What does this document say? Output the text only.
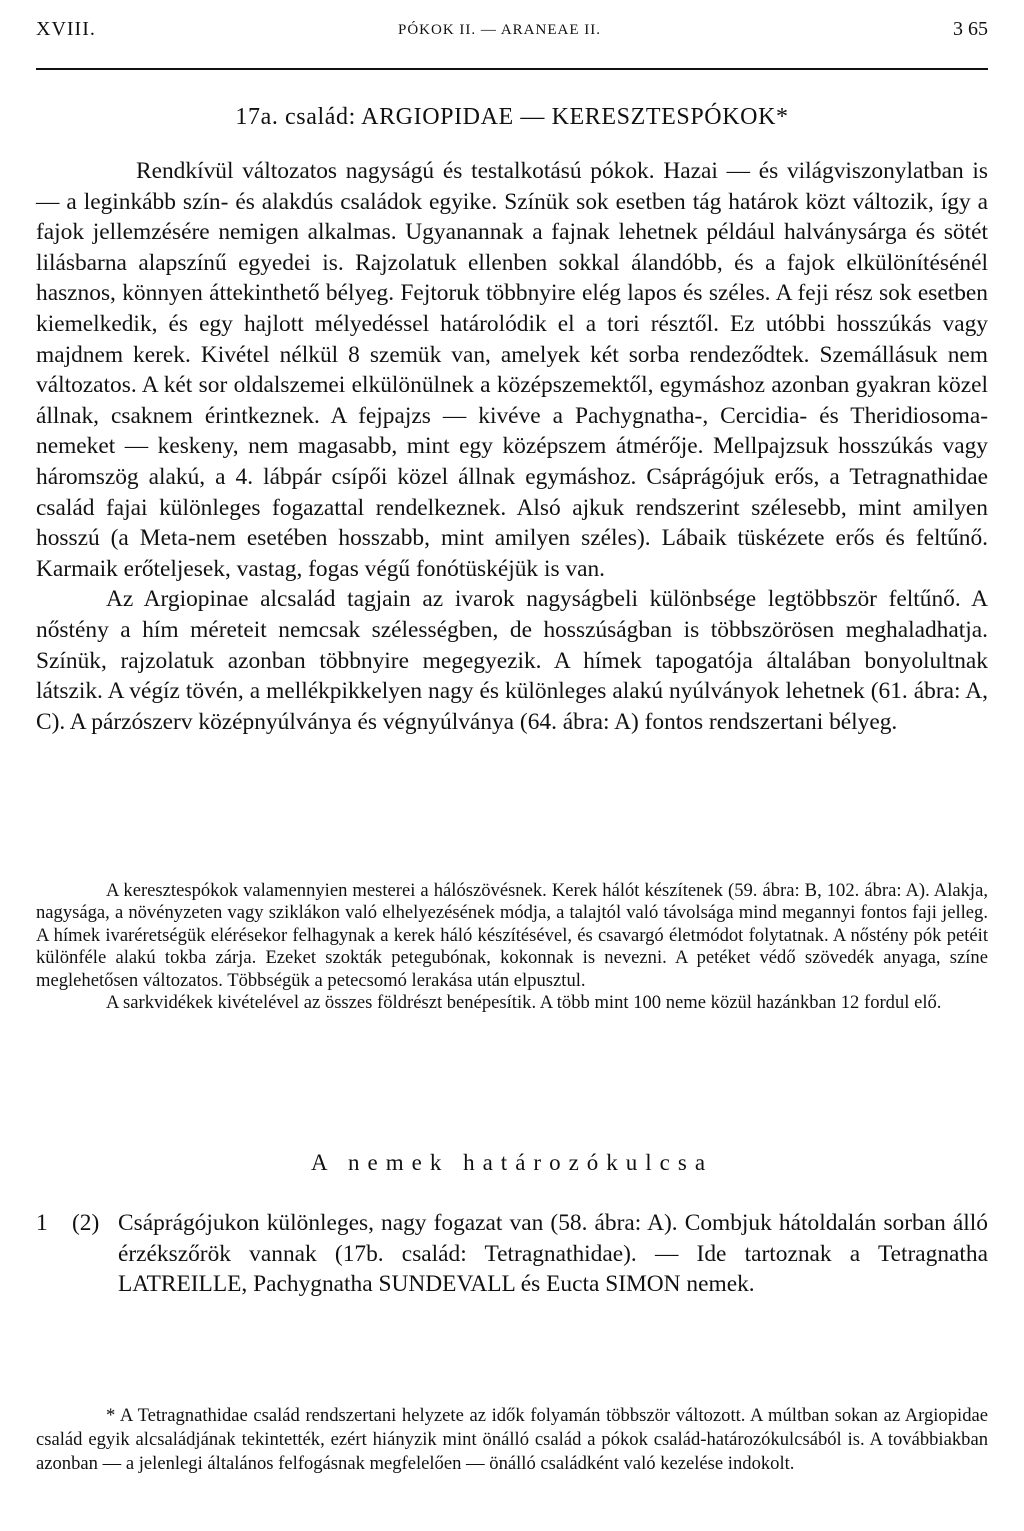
XVIII.	PÓKOK II. — ARANEAE II.	3 65
17a. család: ARGIOPIDAE — KERESZTESPÓKOK*

Rendkívül változatos nagyságú és testalkotású pókok. Hazai — és világviszonylatban is — a leginkább szín- és alakdús családok egyike. Színük sok esetben tág határok közt változik, így a fajok jellemzésére nemigen alkalmas. Ugyanannak a fajnak lehetnek például halványsárga és sötét lilásbarna alapszínű egyedei is. Rajzolatuk ellenben sokkal álandóbb, és a fajok elkülönítésénél hasznos, könnyen áttekinthető bélyeg. Fejtoruk többnyire elég lapos és széles. A feji rész sok esetben kiemelkedik, és egy hajlott mélyedéssel határolódik el a tori résztől. Ez utóbbi hosszúkás vagy majdnem kerek. Kivétel nélkül 8 szemük van, amelyek két sorba rendeződtek. Szemállásuk nem változatos. A két sor oldalszemei elkülönülnek a középszemektől, egymáshoz azonban gyakran közel állnak, csaknem érintkeznek. A fejpajzs — kivéve a Pachygnatha-, Cercidia- és Theridiosoma-nemeket — keskeny, nem magasabb, mint egy középszem átmérője. Mellpajzsuk hosszúkás vagy háromszög alakú, a 4. lábpár csípői közel állnak egymáshoz. Csáprágójuk erős, a Tetragnathidae család fajai különleges fogazattal rendelkeznek. Alsó ajkuk rendszerint szélesebb, mint amilyen hosszú (a Meta-nem esetében hosszabb, mint amilyen széles). Lábaik tüskézete erős és feltűnő. Karmaik erőteljesek, vastag, fogas végű fonótüskéjük is van.

Az Argiopinae alcsalád tagjain az ivarok nagyságbeli különbsége legtöbbször feltűnő. A nőstény a hím méreteit nemcsak szélességben, de hosszúságban is többszörösen meghaladhatja. Színük, rajzolatuk azonban többnyire megegyezik. A hímek tapogatója általában bonyolultnak látszik. A végíz tövén, a mellékpikkelyen nagy és különleges alakú nyúlványok lehetnek (61. ábra: A, C). A párzószerv középnyúlványa és végnyúlványa (64. ábra: A) fontos rendszertani bélyeg.

A keresztespókok valamennyien mesterei a hálószövésnek. Kerek hálót készítenek (59. ábra: B, 102. ábra: A). Alakja, nagysága, a növényzeten vagy sziklákon való elhelyezésének módja, a talajtól való távolsága mind megannyi fontos faji jelleg. A hímek ivaréretségük elérésekor felhagynak a kerek háló készítésével, és csavargó életmódot folytatnak. A nőstény pók petéit különféle alakú tokba zárja. Ezeket szokták petegubónak, kokonnak is nevezni. A petéket védő szövedék anyaga, színe meglehetősen változatos. Többségük a petecsomó lerakása után elpusztul.

A sarkvidékek kivételével az összes földrészt benépesítik. A több mint 100 neme közül hazánkban 12 fordul elő.

A nemek határozókulcsa
1 (2) Csáprágójukon különleges, nagy fogazat van (58. ábra: A). Combjuk hátoldalán sorban álló érzékszőrök vannak (17b. család: Tetragnathidae). — Ide tartoznak a Tetragnatha LATREILLE, Pachygnatha SUNDEVALL és Eucta SIMON nemek.

* A Tetragnathidae család rendszertani helyzete az idők folyamán többször változott. A múltban sokan az Argiopidae család egyik alcsaládjának tekintették, ezért hiányzik mint önálló család a pókok család-határozókulcsából is. A továbbiakban azonban — a jelenlegi általános felfogásnak megfelelően — önálló családként való kezelése indokolt.
